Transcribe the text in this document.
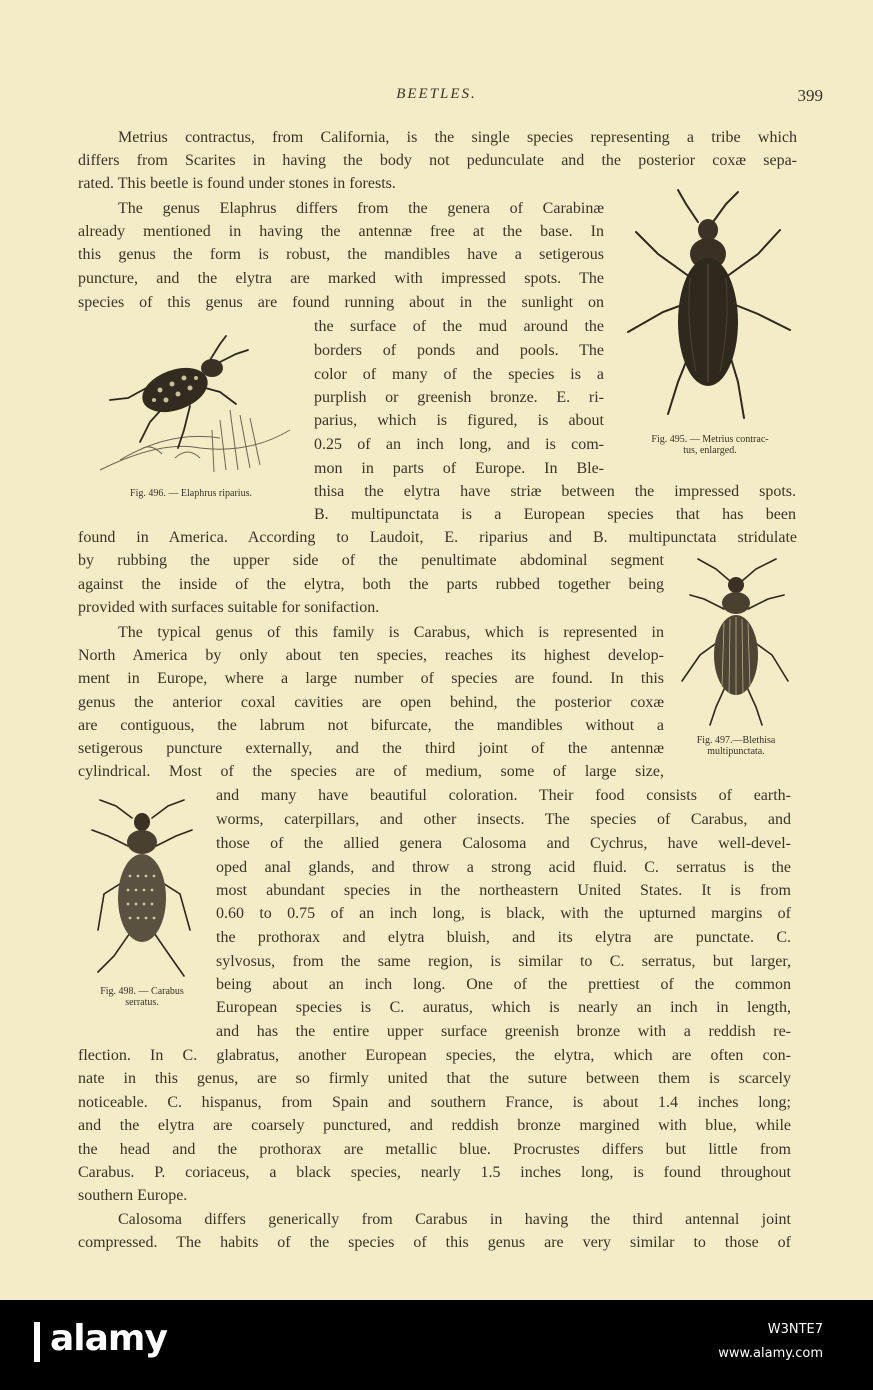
BEETLES.	399
Metrius contractus, from California, is the single species representing a tribe which
differs from Scarites in having the body not pedunculate and the posterior coxæ sepa-
rated. This beetle is found under stones in forests.
The genus Elaphrus differs from the genera of Carabinæ
already mentioned in having the antennæ free at the base. In
this genus the form is robust, the mandibles have a setigerous
puncture, and the elytra are marked with impressed spots. The
species of this genus are found running about in the sunlight on
the surface of the mud around the
borders of ponds and pools. The
color of many of the species is a
purplish or greenish bronze. E. ri-
parius, which is figured, is about
0.25 of an inch long, and is com-
mon in parts of Europe. In Ble-
thisa the elytra have striæ between the impressed spots.
B. multipunctata is a European species that has been
found in America. According to Laudoit, E. riparius and B. multipunctata stridulate
by rubbing the upper side of the penultimate abdominal segment
against the inside of the elytra, both the parts rubbed together being
provided with surfaces suitable for sonifaction.
The typical genus of this family is Carabus, which is represented in
North America by only about ten species, reaches its highest develop-
ment in Europe, where a large number of species are found. In this
genus the anterior coxal cavities are open behind, the posterior coxæ
are contiguous, the labrum not bifurcate, the mandibles without a
setigerous puncture externally, and the third joint of the antennæ
cylindrical. Most of the species are of medium, some of large size,
and many have beautiful coloration. Their food consists of earth-
worms, caterpillars, and other insects. The species of Carabus, and
those of the allied genera Calosoma and Cychrus, have well-devel-
oped anal glands, and throw a strong acid fluid. C. serratus is the
most abundant species in the northeastern United States. It is from
0.60 to 0.75 of an inch long, is black, with the upturned margins of
the prothorax and elytra bluish, and its elytra are punctate. C.
sylvosus, from the same region, is similar to C. serratus, but larger,
being about an inch long. One of the prettiest of the common
European species is C. auratus, which is nearly an inch in length,
and has the entire upper surface greenish bronze with a reddish re-
flection. In C. glabratus, another European species, the elytra, which are often con-
nate in this genus, are so firmly united that the suture between them is scarcely
noticeable. C. hispanus, from Spain and southern France, is about 1.4 inches long;
and the elytra are coarsely punctured, and reddish bronze margined with blue, while
the head and the prothorax are metallic blue. Procrustes differs but little from
Carabus. P. coriaceus, a black species, nearly 1.5 inches long, is found throughout
southern Europe.
Calosoma differs generically from Carabus in having the third antennal joint
compressed. The habits of the species of this genus are very similar to those of
Fig. 495. — Metrius contrac-
tus, enlarged.
Fig. 496. — Elaphrus riparius.
Fig. 497.—Blethisa
multipunctata.
Fig. 498. — Carabus
serratus.
alamy	W3NTE7
www.alamy.com
